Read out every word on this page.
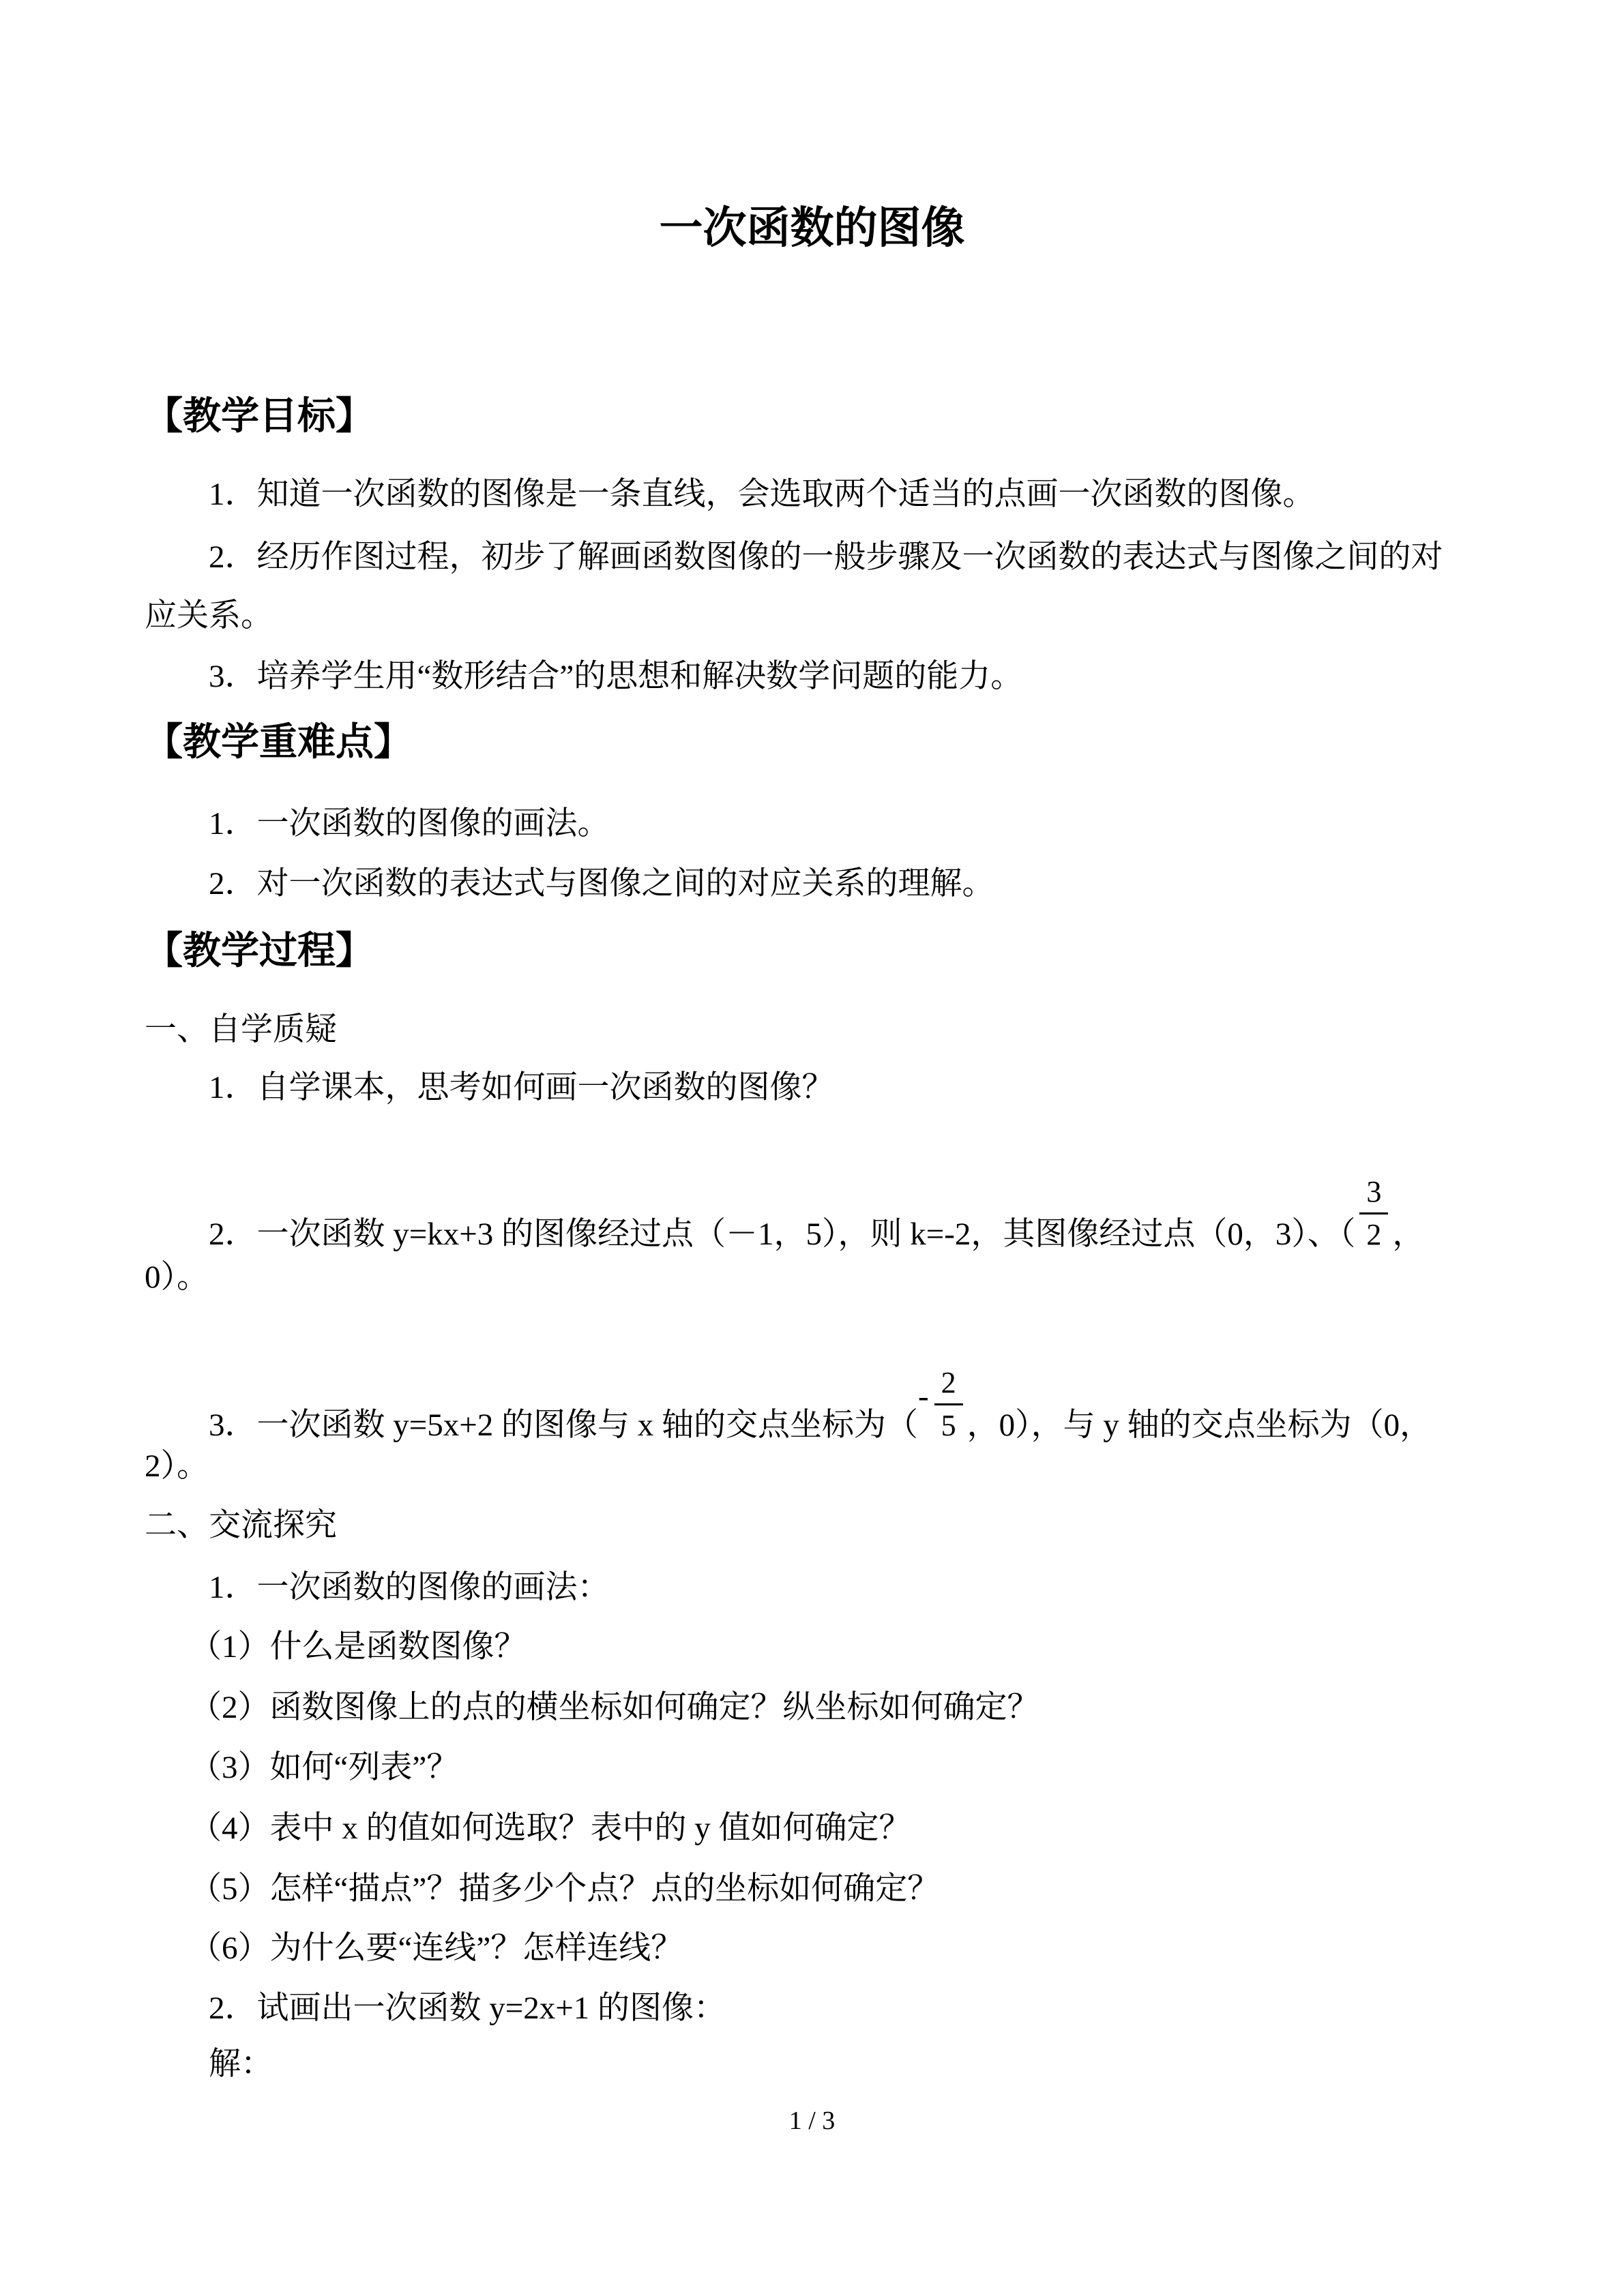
一次函数的图像
【教学目标】
1．知道一次函数的图像是一条直线，会选取两个适当的点画一次函数的图像。
2．经历作图过程，初步了解画函数图像的一般步骤及一次函数的表达式与图像之间的对
应关系。
3．培养学生用“数形结合”的思想和解决数学问题的能力。
【教学重难点】
1．一次函数的图像的画法。
2．对一次函数的表达式与图像之间的对应关系的理解。
【教学过程】
一、自学质疑
1．自学课本，思考如何画一次函数的图像？
2．一次函数 y=kx+3 的图像经过点（－1，5），则 k=-2，其图像经过点（0，3）、（ $\frac{3}{2}$ ，
0）。
3．一次函数 y=5x+2 的图像与 x 轴的交点坐标为（- $\frac{2}{5}$ ，0），与 y 轴的交点坐标为（0，
2）。
二、交流探究
1．一次函数的图像的画法：
（1）什么是函数图像？
（2）函数图像上的点的横坐标如何确定？纵坐标如何确定？
（3）如何“列表”？
（4）表中 x 的值如何选取？表中的 y 值如何确定？
（5）怎样“描点”？描多少个点？点的坐标如何确定？
（6）为什么要“连线”？怎样连线？
2．试画出一次函数 y=2x+1 的图像：
解：
1 / 3
